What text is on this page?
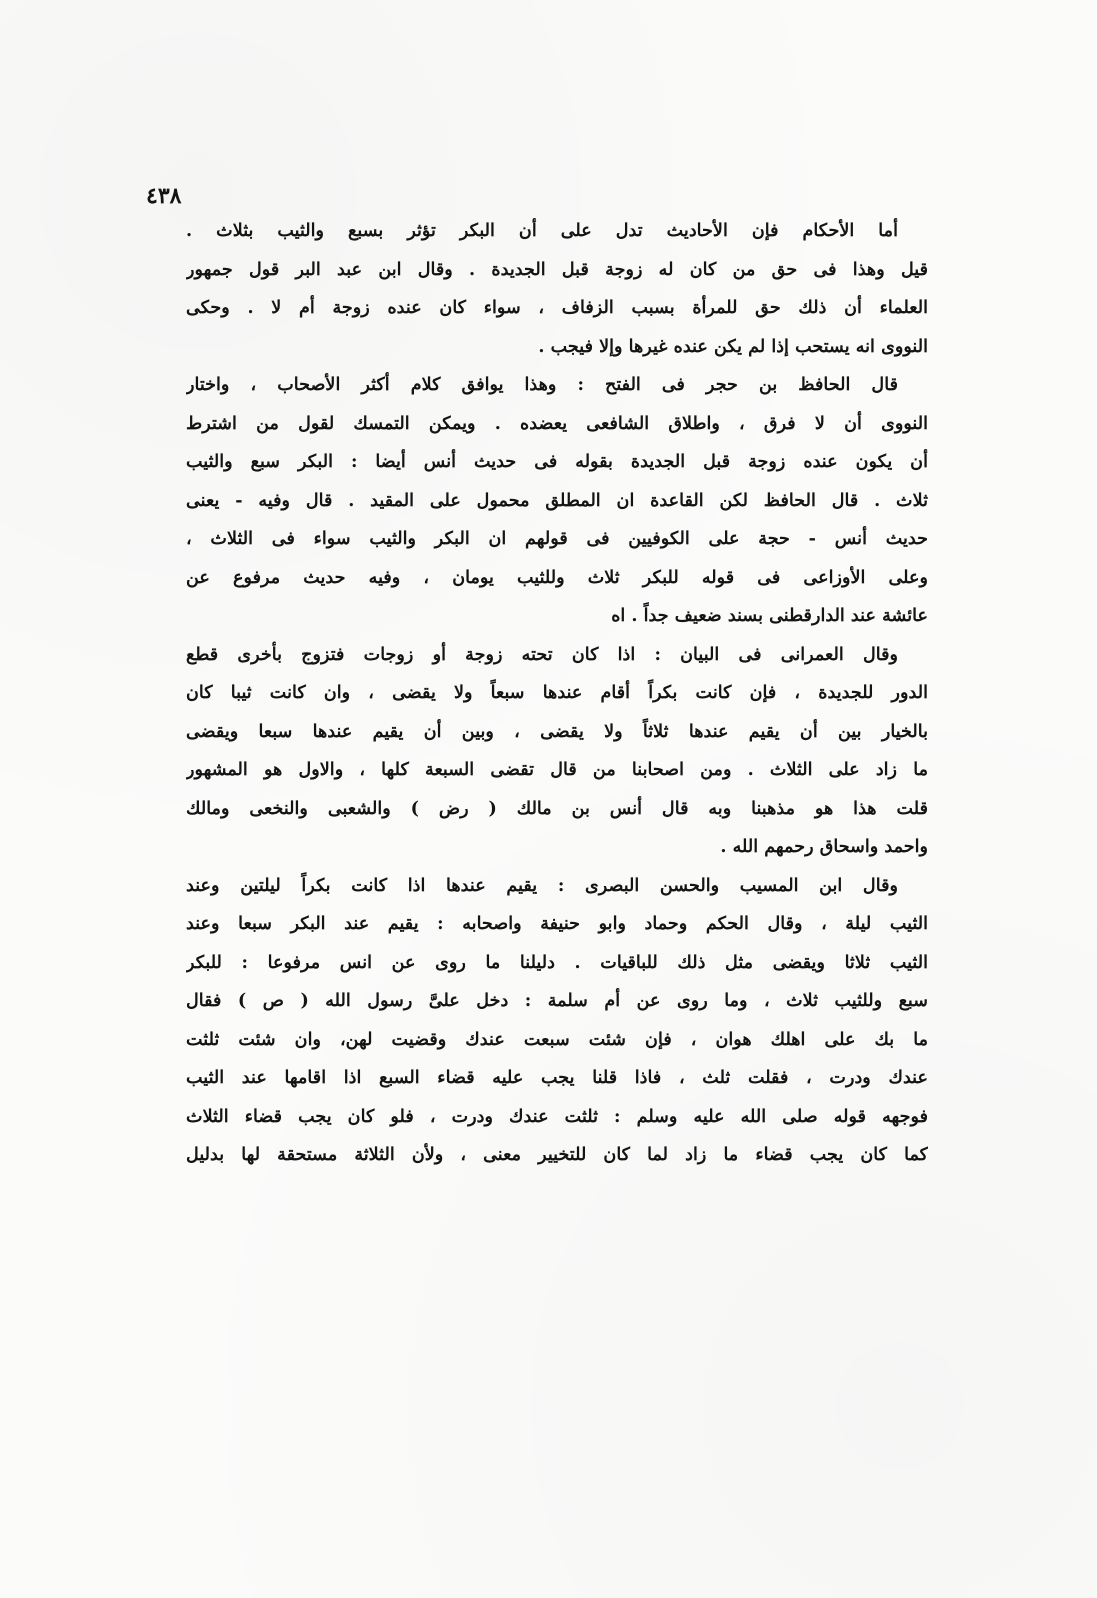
٤٣٨
أما الأحكام فإن الأحاديث تدل على أن البكر تؤثر بسبع والثيب بثلاث .
قيل وهذا فى حق من كان له زوجة قبل الجديدة . وقال ابن عبد البر قول جمهور
العلماء أن ذلك حق للمرأة بسبب الزفاف ، سواء كان عنده زوجة أم لا . وحكى
النووى انه يستحب إذا لم يكن عنده غيرها وإلا فيجب .
قال الحافظ بن حجر فى الفتح : وهذا يوافق كلام أكثر الأصحاب ، واختار
النووى أن لا فرق ، واطلاق الشافعى يعضده . ويمكن التمسك لقول من اشترط
أن يكون عنده زوجة قبل الجديدة بقوله فى حديث أنس أيضا : البكر سبع والثيب
ثلاث . قال الحافظ لكن القاعدة ان المطلق محمول على المقيد . قال وفيه - يعنى
حديث أنس - حجة على الكوفيين فى قولهم ان البكر والثيب سواء فى الثلاث ،
وعلى الأوزاعى فى قوله للبكر ثلاث وللثيب يومان ، وفيه حديث مرفوع عن
عائشة عند الدارقطنى بسند ضعيف جداً . اه
وقال العمرانى فى البيان : اذا كان تحته زوجة أو زوجات فتزوج بأخرى قطع
الدور للجديدة ، فإن كانت بكراً أقام عندها سبعاً ولا يقضى ، وان كانت ثيبا كان
بالخيار بين أن يقيم عندها ثلاثاً ولا يقضى ، وبين أن يقيم عندها سبعا ويقضى
ما زاد على الثلاث . ومن اصحابنا من قال تقضى السبعة كلها ، والاول هو المشهور
قلت هذا هو مذهبنا وبه قال أنس بن مالك ( رض ) والشعبى والنخعى ومالك
واحمد واسحاق رحمهم الله .
وقال ابن المسيب والحسن البصرى : يقيم عندها اذا كانت بكراً ليلتين وعند
الثيب ليلة ، وقال الحكم وحماد وابو حنيفة واصحابه : يقيم عند البكر سبعا وعند
الثيب ثلاثا ويقضى مثل ذلك للباقيات . دليلنا ما روى عن انس مرفوعا : للبكر
سبع وللثيب ثلاث ، وما روى عن أم سلمة : دخل علىَّ رسول الله ( ص ) فقال
ما بك على اهلك هوان ، فإن شئت سبعت عندك وقضيت لهن، وان شئت ثلثت
عندك ودرت ، فقلت ثلث ، فاذا قلنا يجب عليه قضاء السبع اذا اقامها عند الثيب
فوجهه قوله صلى الله عليه وسلم : ثلثت عندك ودرت ، فلو كان يجب قضاء الثلاث
كما كان يجب قضاء ما زاد لما كان للتخيير معنى ، ولأن الثلاثة مستحقة لها بدليل
